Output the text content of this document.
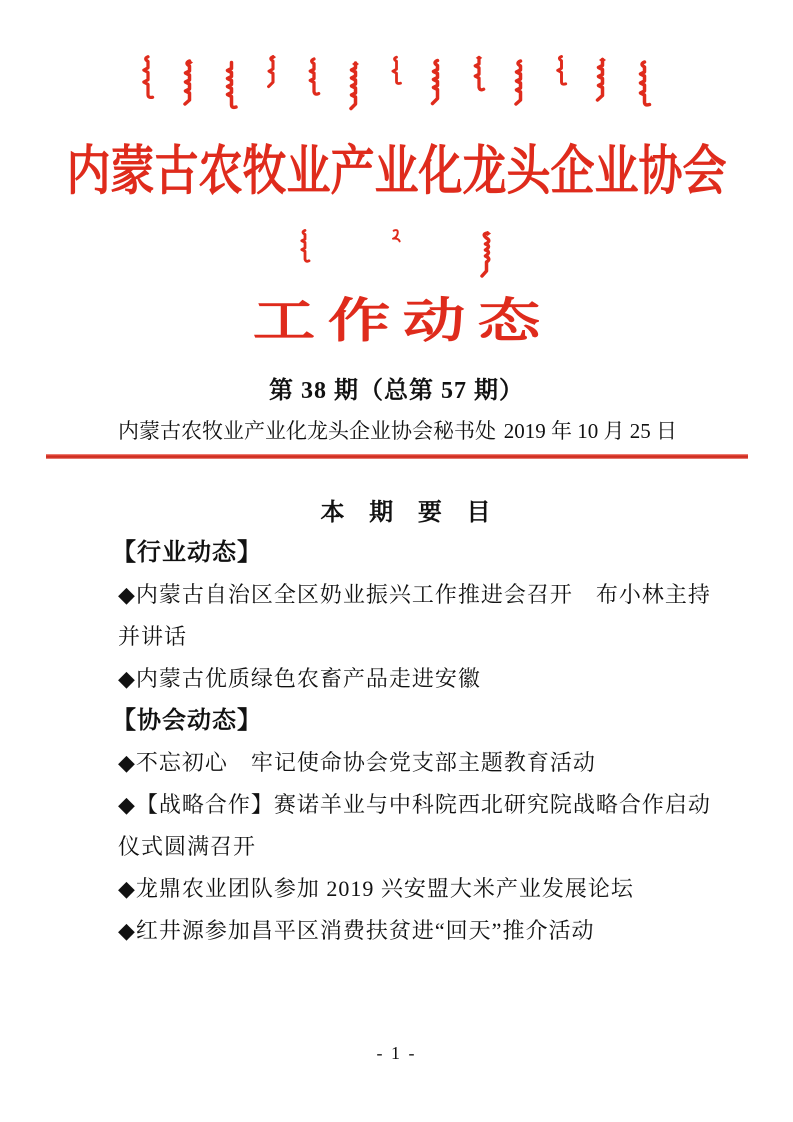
内蒙古农牧业产业化龙头企业协会
工作动态
第 38 期（总第 57 期）
内蒙古农牧业产业化龙头企业协会秘书处 2019 年 10 月 25 日
本 期 要 目
【行业动态】
◆内蒙古自治区全区奶业振兴工作推进会召开　布小林主持
并讲话
◆内蒙古优质绿色农畜产品走进安徽
【协会动态】
◆不忘初心　牢记使命协会党支部主题教育活动
◆【战略合作】赛诺羊业与中科院西北研究院战略合作启动
仪式圆满召开
◆龙鼎农业团队参加 2019 兴安盟大米产业发展论坛
◆红井源参加昌平区消费扶贫进“回天”推介活动
- 1 -
